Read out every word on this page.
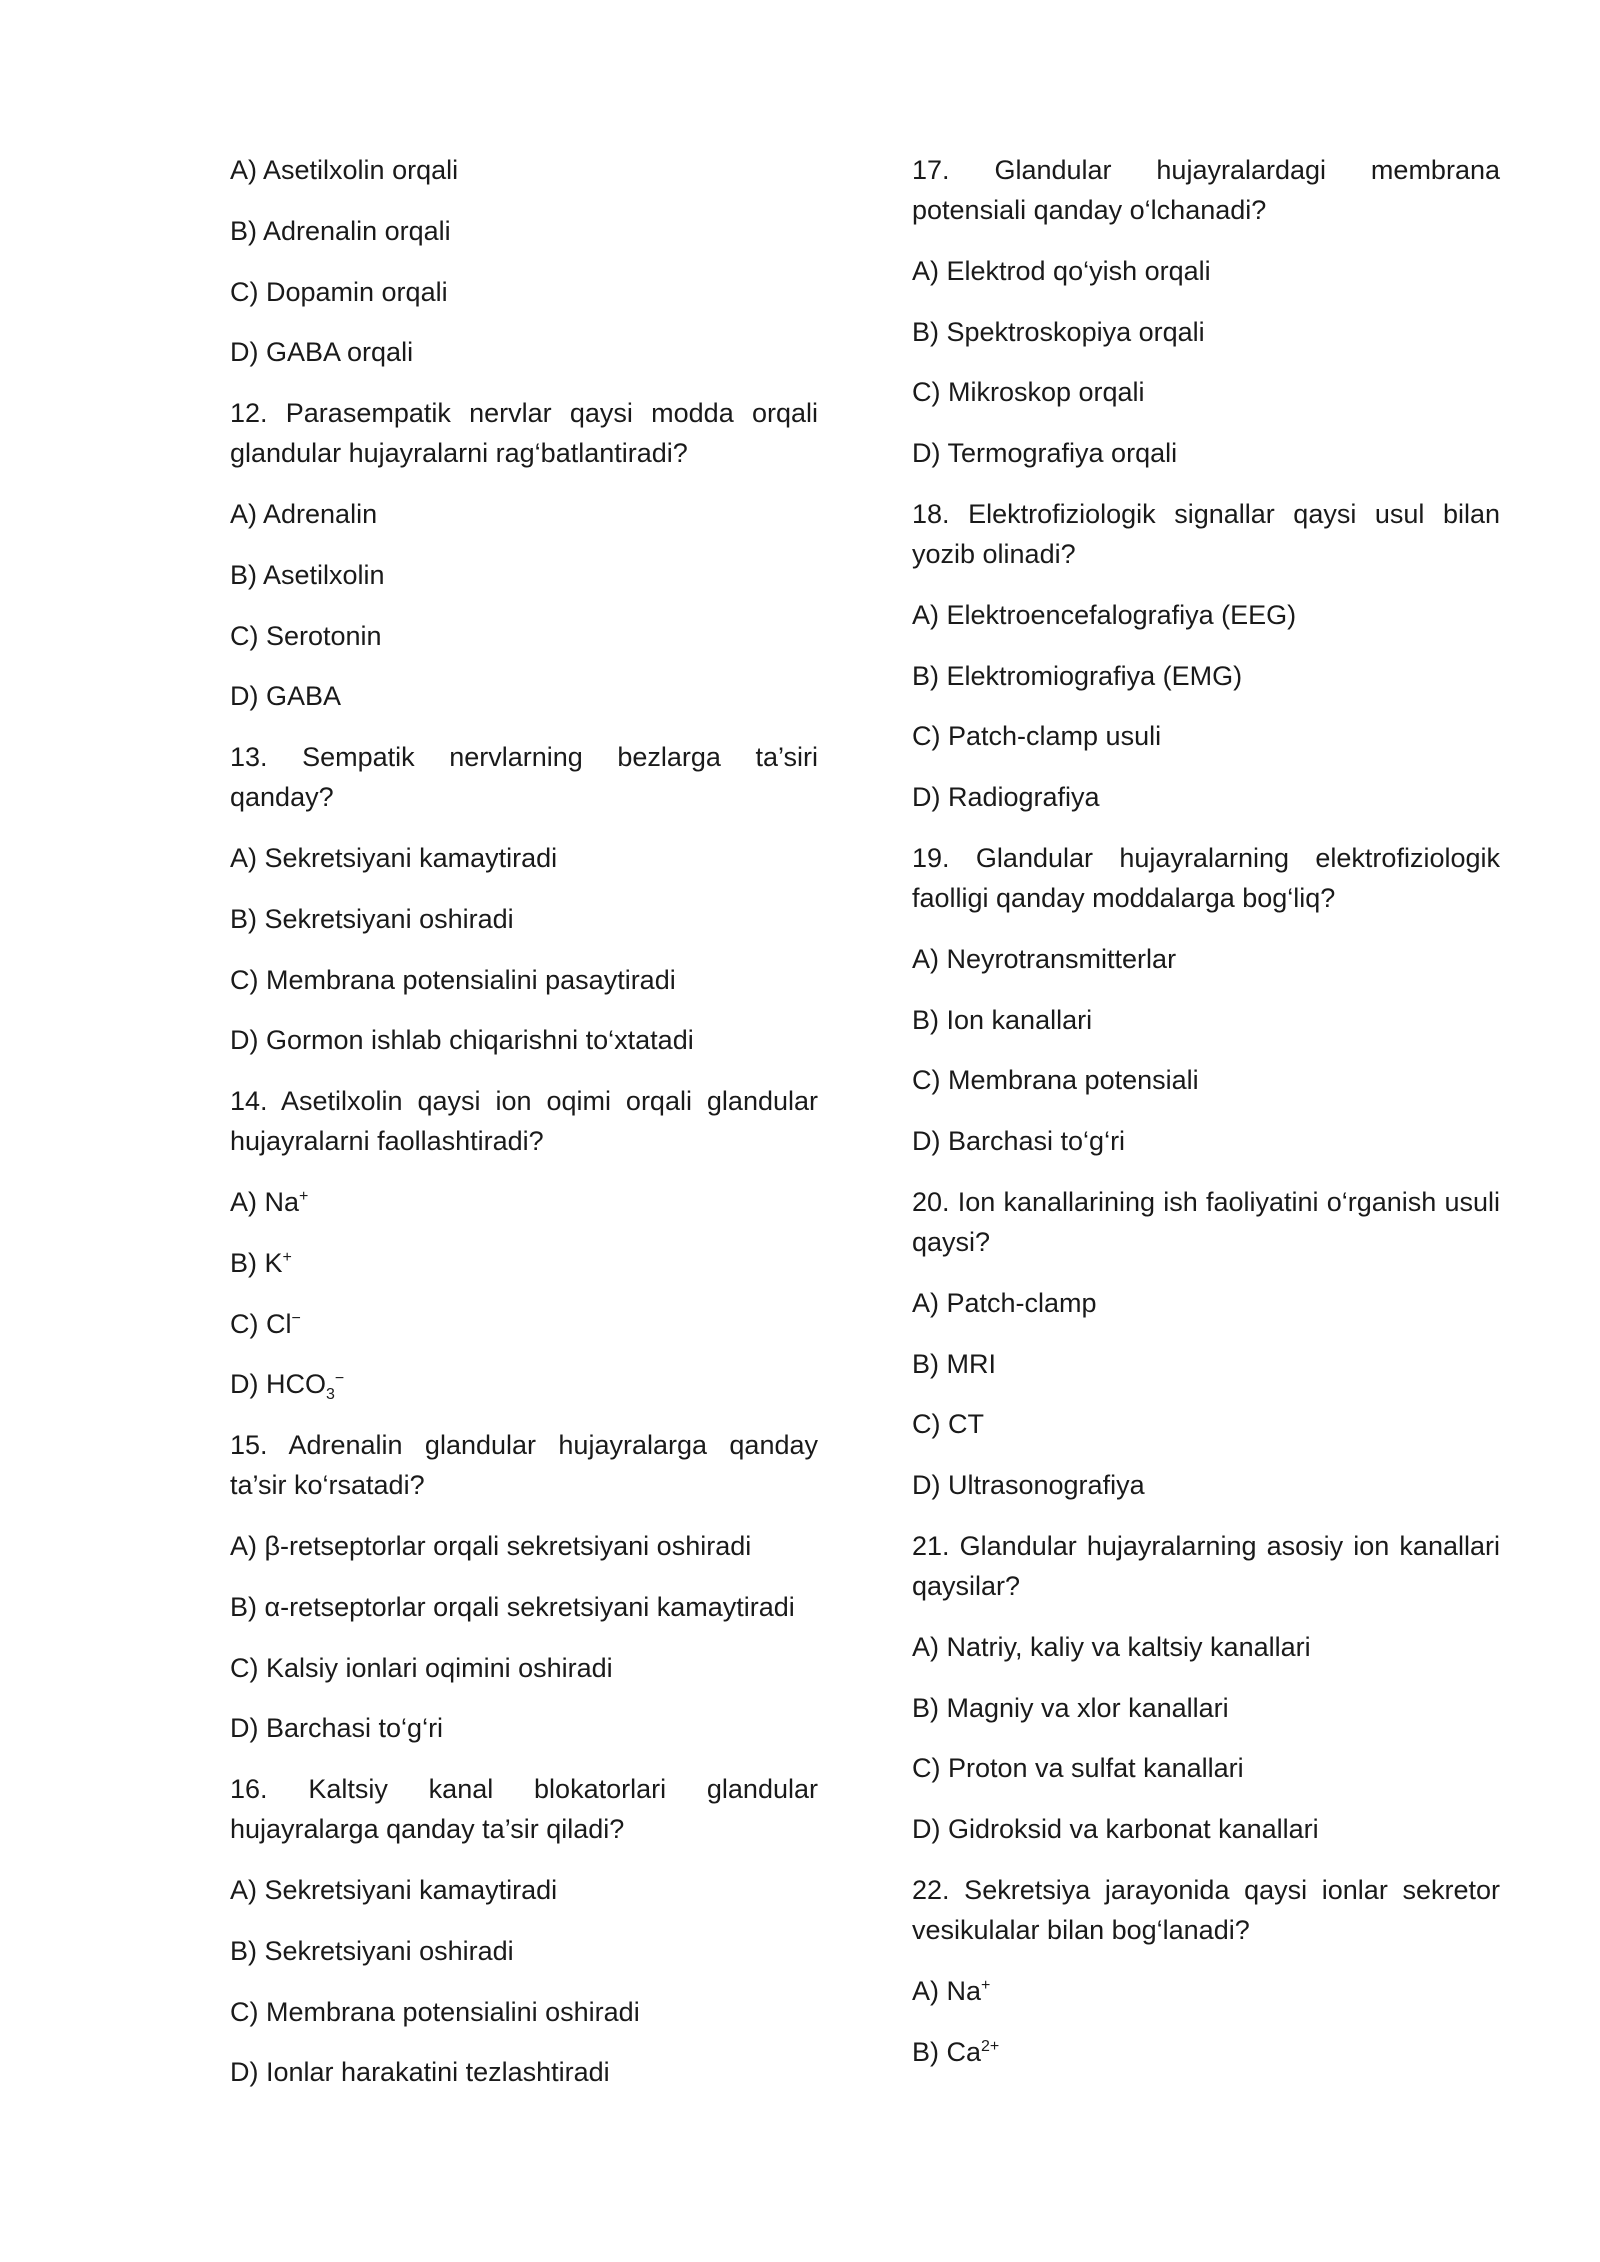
A) Asetilxolin orqali

B) Adrenalin orqali

C) Dopamin orqali

D) GABA orqali

12. Parasempatik nervlar qaysi modda orqali glandular hujayralarni rag‘batlantiradi?

A) Adrenalin

B) Asetilxolin

C) Serotonin

D) GABA

13. Sempatik nervlarning bezlarga ta’siri qanday?

A) Sekretsiyani kamaytiradi

B) Sekretsiyani oshiradi

C) Membrana potensialini pasaytiradi

D) Gormon ishlab chiqarishni to‘xtatadi

14. Asetilxolin qaysi ion oqimi orqali glandular hujayralarni faollashtiradi?

A) Na+

B) K+

C) Cl−

D) $HCO_3^-$

15. Adrenalin glandular hujayralarga qanday ta’sir ko‘rsatadi?

A) β-retseptorlar orqali sekretsiyani oshiradi

B) α-retseptorlar orqali sekretsiyani kamaytiradi

C) Kalsiy ionlari oqimini oshiradi

D) Barchasi to‘g‘ri

16. Kaltsiy kanal blokatorlari glandular hujayralarga qanday ta’sir qiladi?

A) Sekretsiyani kamaytiradi

B) Sekretsiyani oshiradi

C) Membrana potensialini oshiradi

D) Ionlar harakatini tezlashtiradi

17. Glandular hujayralardagi membrana potensiali qanday o‘lchanadi?

A) Elektrod qo‘yish orqali

B) Spektroskopiya orqali

C) Mikroskop orqali

D) Termografiya orqali

18. Elektrofiziologik signallar qaysi usul bilan yozib olinadi?

A) Elektroencefalografiya (EEG)

B) Elektromiografiya (EMG)

C) Patch-clamp usuli

D) Radiografiya

19. Glandular hujayralarning elektrofiziologik faolligi qanday moddalarga bog‘liq?

A) Neyrotransmitterlar

B) Ion kanallari

C) Membrana potensiali

D) Barchasi to‘g‘ri

20. Ion kanallarining ish faoliyatini o‘rganish usuli qaysi?

A) Patch-clamp

B) MRI

C) CT

D) Ultrasonografiya

21. Glandular hujayralarning asosiy ion kanallari qaysilar?

A) Natriy, kaliy va kaltsiy kanallari

B) Magniy va xlor kanallari

C) Proton va sulfat kanallari

D) Gidroksid va karbonat kanallari

22. Sekretsiya jarayonida qaysi ionlar sekretor vesikulalar bilan bog‘lanadi?

A) Na+

B) $Ca^{2+}$
